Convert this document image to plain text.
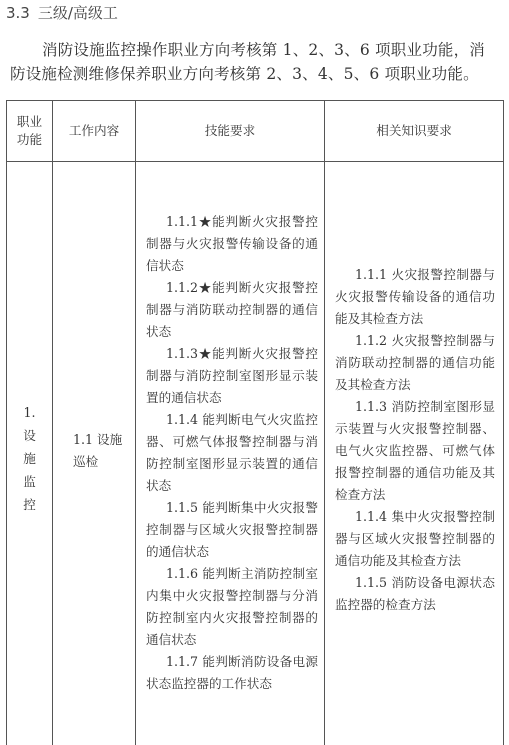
3.3 三级/高级工

消防设施监控操作职业方向考核第 1、2、3、6 项职业功能，消

防设施检测维修保养职业方向考核第 2、3、4、5、6 项职业功能。

职业
功能
工作内容	技能要求	相关知识要求
1.
设
施
监
控
1.1 设施
巡检

1.1.1★能判断火灾报警控制器与火灾报警传输设备的通信状态

1.1.2★能判断火灾报警控制器与消防联动控制器的通信状态

1.1.3★能判断火灾报警控制器与消防控制室图形显示装置的通信状态

1.1.4 能判断电气火灾监控器、可燃气体报警控制器与消防控制室图形显示装置的通信状态

1.1.5 能判断集中火灾报警控制器与区域火灾报警控制器的通信状态

1.1.6 能判断主消防控制室内集中火灾报警控制器与分消防控制室内火灾报警控制器的通信状态

1.1.7 能判断消防设备电源状态监控器的工作状态

1.1.1 火灾报警控制器与火灾报警传输设备的通信功能及其检查方法

1.1.2 火灾报警控制器与消防联动控制器的通信功能及其检查方法

1.1.3 消防控制室图形显示装置与火灾报警控制器、电气火灾监控器、可燃气体报警控制器的通信功能及其检查方法

1.1.4 集中火灾报警控制器与区域火灾报警控制器的通信功能及其检查方法

1.1.5 消防设备电源状态监控器的检查方法
